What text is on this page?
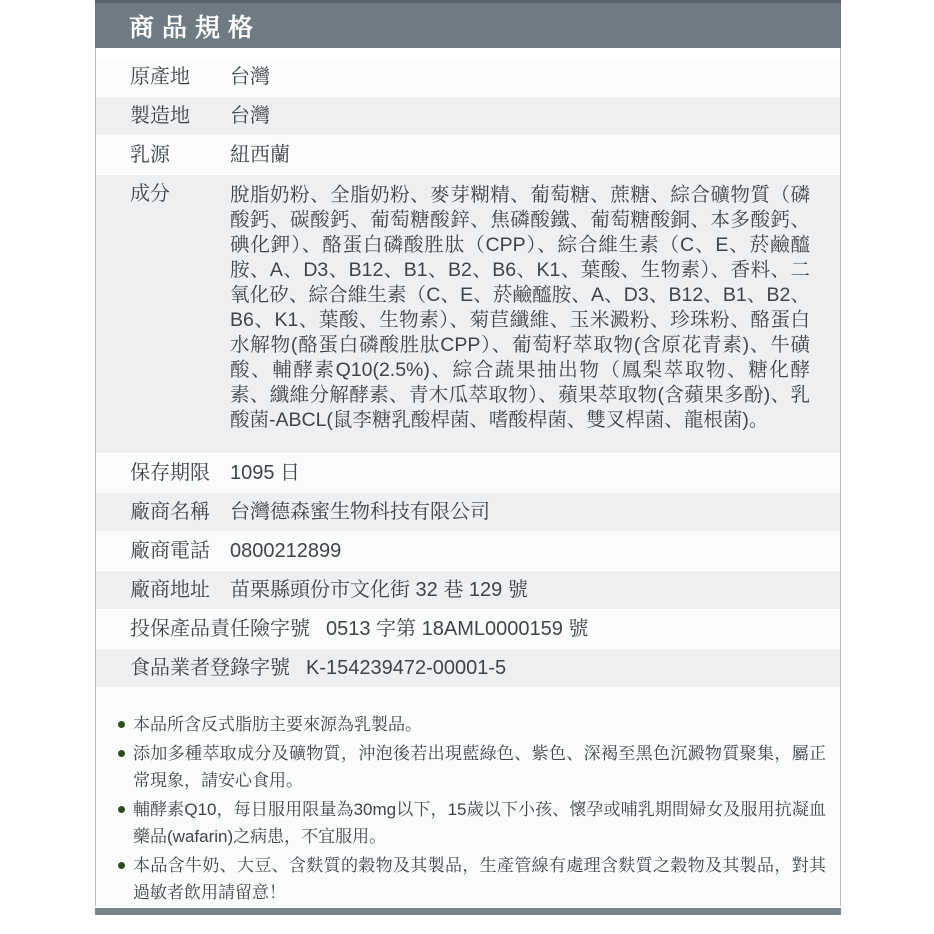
商品規格
原產地	台灣
製造地	台灣
乳源	紐西蘭
成分	脫脂奶粉、全脂奶粉、麥芽糊精、葡萄糖、蔗糖、綜合礦物質（磷酸鈣、碳酸鈣、葡萄糖酸鋅、焦磷酸鐵、葡萄糖酸銅、本多酸鈣、碘化鉀）、酪蛋白磷酸胜肽（CPP）、綜合維生素（C、E、菸鹼醯胺、A、D3、B12、B1、B2、B6、K1、葉酸、生物素）、香料、二氧化矽、綜合維生素（C、E、菸鹼醯胺、A、D3、B12、B1、B2、B6、K1、葉酸、生物素）、菊苣纖維、玉米澱粉、珍珠粉、酪蛋白水解物(酪蛋白磷酸胜肽CPP）、葡萄籽萃取物(含原花青素)、牛磺酸、輔酵素Q10(2.5%)、綜合蔬果抽出物（鳳梨萃取物、糖化酵素、纖維分解酵素、青木瓜萃取物）、蘋果萃取物(含蘋果多酚)、乳酸菌-ABCL(鼠李糖乳酸桿菌、嗜酸桿菌、雙叉桿菌、龍根菌)。
保存期限	1095 日
廠商名稱	台灣德森蜜生物科技有限公司
廠商電話	0800212899
廠商地址	苗栗縣頭份市文化街 32 巷 129 號
投保產品責任險字號 0513 字第 18AML0000159 號
食品業者登錄字號 K-154239472-00001-5
本品所含反式脂肪主要來源為乳製品。
添加多種萃取成分及礦物質，沖泡後若出現藍綠色、紫色、深褐至黑色沉澱物質聚集，屬正常現象，請安心食用。
輔酵素Q10，每日服用限量為30mg以下，15歲以下小孩、懷孕或哺乳期間婦女及服用抗凝血藥品(wafarin)之病患，不宜服用。
本品含牛奶、大豆、含麩質的穀物及其製品，生產管線有處理含麩質之穀物及其製品，對其過敏者飲用請留意！
